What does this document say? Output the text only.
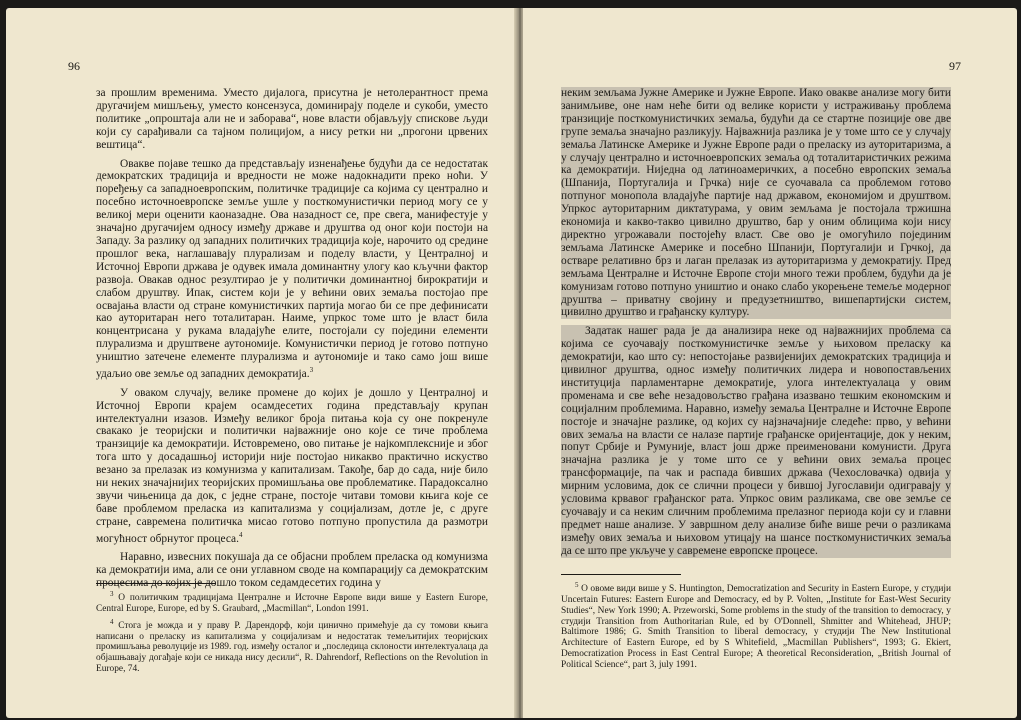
96

за прошлим временима. Уместо дијалога, присутна је нетолерантност према другачијем мишљењу, уместо консензуса, доминирају поделе и сукоби, уместо политике „опроштаја али не и заборава“, нове власти објављују спискове људи који су сарађивали са тајном полицијом, а нису ретки ни „прогони црвених вештица“.

Овакве појаве тешко да представљају изненађење будући да се недостатак демократских традиција и вредности не може надокнадити преко ноћи. У поређењу са западноевропским, политичке традиције са којима су централно и посебно источноевропске земље ушле у посткомунистички период могу се у великој мери оценити каоназадне. Ова назадност се, пре свега, манифестује у значајно другачијем односу између државе и друштва од оног који постоји на Западу. За разлику од западних политичких традиција које, нарочито од средине прошлог века, наглашавају плурализам и поделу власти, у Централној и Источној Европи држава је одувек имала доминантну улогу као кључни фактор развоја. Овакав однос резултирао је у политички доминантној бирократији и слабом друштву. Ипак, систем који је у већини ових земаља постојао пре освајања власти од стране комунистичких партија могао би се пре дефинисати као ауторитаран него тоталитаран. Наиме, упркос томе што је власт била концентрисана у рукама владајуће елите, постојали су поједини елементи плурализма и друштвене аутономије. Комунистички период је готово потпуно уништио затечене елементе плурализма и аутономије и тако само још више удаљио ове земље од западних демократија.$^3$

У оваком случају, велике промене до којих је дошло у Централној и Источној Европи крајем осамдесетих година представљају крупан интелектуални изазов. Између великог броја питања која су оне покренуле свакако је теоријски и политички најважније оно које се тиче проблема транзиције ка демократији. Истовремено, ово питање је најкомплексније и због тога што у досадашњој историји није постојао никакво практично искуство везано за прелазак из комунизма у капитализам. Такође, бар до сада, није било ни неких значајнијих теоријских промишљања ове проблематике. Парадоксално звучи чињеница да док, с једне стране, постоје читави томови књига које се баве проблемом преласка из капитализма у социјализам, дотле је, с друге стране, савремена политичка мисао готово потпуно пропустила да размотри могућност обрнутог процеса.$^4$

Наравно, извесних покушаја да се објасни проблем преласка од комунизма ка демократији има, али се они углавном своде на компарацију са демократским процесима до којих је дошло током седамдесетих година у

$^3$ О политичким традицијама Централне и Источне Европе види више у Eastern Europe, Central Europe, Europe, ed by S. Graubard, „Macmillan“, London 1991.

$^4$ Стога је можда и у праву Р. Дарендорф, који цинично примећује да су томови књига написани о преласку из капитализма у социјализам и недостатак темељитијих теоријских промишљања револуције из 1989. год. између осталог и „последица склоности интелектуалаца да објашњавају догађаје који се никада нису десили“, R. Dahrendorf, Reflections on the Revolution in Europe, 74.

97

неким земљама Јужне Америке и Јужне Европе. Иако овакве анализе могу бити занимљиве, оне нам неће бити од велике користи у истраживању проблема транзиције посткомунистичких земаља, будући да се стартне позиције ове две групе земаља значајно разликују. Најважнија разлика је у томе што се у случају земаља Латинске Америке и Јужне Европе ради о преласку из ауторитаризма, а у случају централно и источноевропских земаља од тоталитаристичких режима ка демократији. Ниједна од латиноамеричких, а посебно европских земаља (Шпанија, Португалија и Грчка) није се суочавала са проблемом готово потпуног монопола владајуће партије над државом, економијом и друштвом. Упркос ауторитарним диктатурама, у овим земљама је постојала тржишна економија и какво-такво цивилно друштво, бар у оним облицима који нису директно угрожавали постојећу власт. Све ово је омогућило појединим земљама Латинске Америке и посебно Шпанији, Португалији и Грчкој, да остваре релативно брз и лаган прелазак из ауторитаризма у демократију. Пред земљама Централне и Источне Европе стоји много тежи проблем, будући да је комунизам готово потпуно уништио и онако слабо укорењене темеље модерног друштва – приватну својину и предузетништво, вишепартијски систем, цивилно друштво и грађанску културу.

Задатак нашег рада је да анализира неке од најважнијих проблема са којима се суочавају посткомунистичке земље у њиховом преласку ка демократији, као што су: непостојање развијенијих демократских традиција и цивилног друштва, однос између политичких лидера и новопостављених институција парламентарне демократије, улога интелектуалаца у овим променама и све веће незадовољство грађана изазвано тешким економским и социјалним проблемима. Наравно, између земаља Централне и Источне Европе постоје и значајне разлике, од којих су најзначајније следеће: прво, у већини ових земаља на власти се налазе партије грађанске оријентације, док у неким, попут Србије и Румуније, власт још држе преименовани комунисти. Друга значајна разлика је у томе што се у већини ових земаља процес трансформације, па чак и распада бивших држава (Чехословачка) одвија у мирним условима, док се слични процеси у бившој Југославији одигравају у условима крвавог грађанског рата. Упркос овим разликама, све ове земље се суочавају и са неким сличним проблемима прелазног периода који су и главни предмет наше анализе. У завршном делу анализе биће више речи о разликама између ових земаља и њиховом утицају на шансе посткомунистичких земаља да се што пре укључе у савремене европске процесе.

$^5$ О овоме види више у S. Huntington, Democratization and Security in Eastern Europe, у студији Uncertain Futures: Eastern Europe and Democracy, ed by P. Volten, „Institute for East-West Security Studies“, New York 1990; A. Przeworski, Some problems in the study of the transition to democracy, у студији Transition from Authoritarian Rule, ed by O'Donnell, Shmitter and Whitehead, JHUP; Baltimore 1986; G. Smith Transition to liberal democracy, у студији The New Institutional Architecture of Eastern Europe, ed by S Whitefield, „Macmillan Publishers“, 1993; G. Ekiert, Democratization Process in East Central Europe; A theoretical Reconsideration, „British Journal of Political Science“, part 3, july 1991.
